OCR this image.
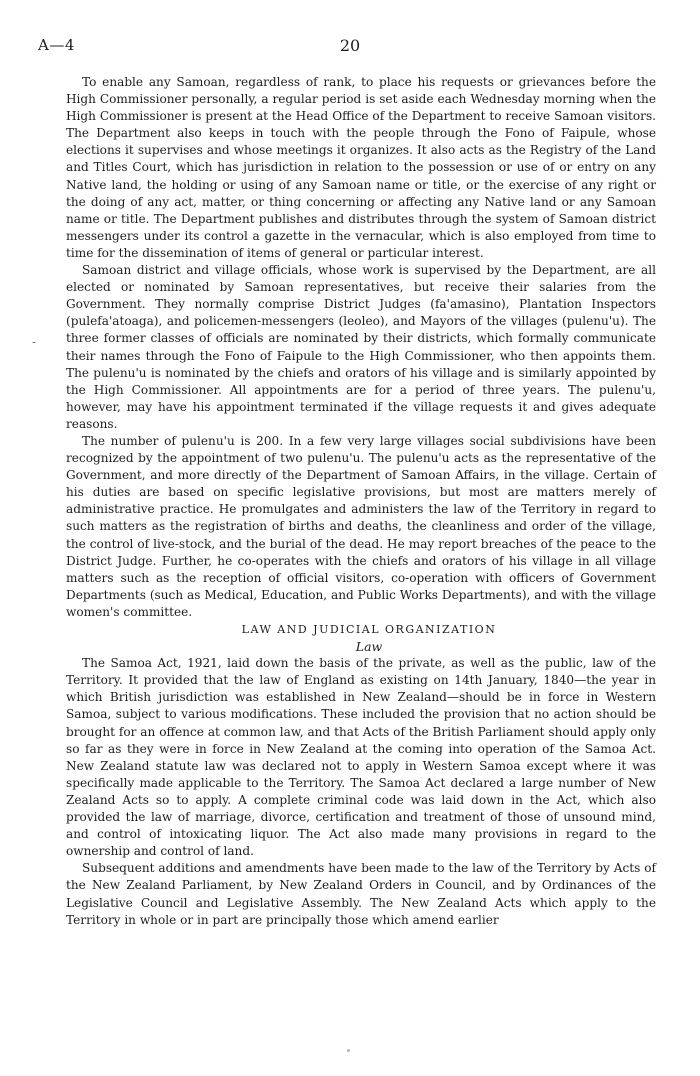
A—4	20
-

To enable any Samoan, regardless of rank, to place his requests or grievances before the High Commissioner personally, a regular period is set aside each Wednesday morning when the High Commissioner is present at the Head Office of the Department to receive Samoan visitors. The Department also keeps in touch with the people through the Fono of Faipule, whose elections it supervises and whose meetings it organizes. It also acts as the Registry of the Land and Titles Court, which has jurisdiction in relation to the possession or use of or entry on any Native land, the holding or using of any Samoan name or title, or the exercise of any right or the doing of any act, matter, or thing concerning or affecting any Native land or any Samoan name or title. The Department publishes and distributes through the system of Samoan district messengers under its control a gazette in the vernacular, which is also employed from time to time for the dissemination of items of general or particular interest.

Samoan district and village officials, whose work is supervised by the Department, are all elected or nominated by Samoan representatives, but receive their salaries from the Government. They normally comprise District Judges (fa'amasino), Plantation Inspectors (pulefa'atoaga), and policemen-messengers (leoleo), and Mayors of the villages (pulenu'u). The three former classes of officials are nominated by their districts, which formally communicate their names through the Fono of Faipule to the High Commissioner, who then appoints them. The pulenu'u is nominated by the chiefs and orators of his village and is similarly appointed by the High Commissioner. All appointments are for a period of three years. The pulenu'u, however, may have his appointment terminated if the village requests it and gives adequate reasons.

The number of pulenu'u is 200. In a few very large villages social subdivisions have been recognized by the appointment of two pulenu'u. The pulenu'u acts as the representative of the Government, and more directly of the Department of Samoan Affairs, in the village. Certain of his duties are based on specific legislative provisions, but most are matters merely of administrative practice. He promulgates and administers the law of the Territory in regard to such matters as the registration of births and deaths, the cleanliness and order of the village, the control of live-stock, and the burial of the dead. He may report breaches of the peace to the District Judge. Further, he co-operates with the chiefs and orators of his village in all village matters such as the reception of official visitors, co-operation with officers of Government Departments (such as Medical, Education, and Public Works Departments), and with the village women's committee.

LAW AND JUDICIAL ORGANIZATION

Law

The Samoa Act, 1921, laid down the basis of the private, as well as the public, law of the Territory. It provided that the law of England as existing on 14th January, 1840—the year in which British jurisdiction was established in New Zealand—should be in force in Western Samoa, subject to various modifications. These included the provision that no action should be brought for an offence at common law, and that Acts of the British Parliament should apply only so far as they were in force in New Zealand at the coming into operation of the Samoa Act. New Zealand statute law was declared not to apply in Western Samoa except where it was specifically made applicable to the Territory. The Samoa Act declared a large number of New Zealand Acts so to apply. A complete criminal code was laid down in the Act, which also provided the law of marriage, divorce, certification and treatment of those of unsound mind, and control of intoxicating liquor. The Act also made many provisions in regard to the ownership and control of land.

Subsequent additions and amendments have been made to the law of the Territory by Acts of the New Zealand Parliament, by New Zealand Orders in Council, and by Ordinances of the Legislative Council and Legislative Assembly. The New Zealand Acts which apply to the Territory in whole or in part are principally those which amend earlier
